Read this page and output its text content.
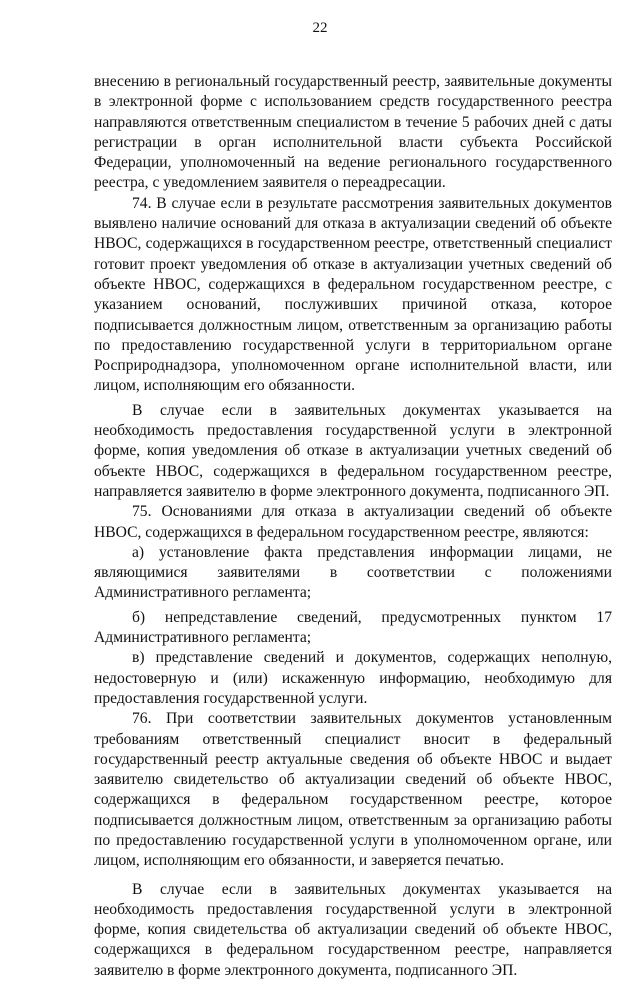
22

внесению в региональный государственный реестр, заявительные документы в электронной форме с использованием средств государственного реестра направляются ответственным специалистом в течение 5 рабочих дней с даты регистрации в орган исполнительной власти субъекта Российской Федерации, уполномоченный на ведение регионального государственного реестра, с уведомлением заявителя о переадресации.

74. В случае если в результате рассмотрения заявительных документов выявлено наличие оснований для отказа в актуализации сведений об объекте НВОС, содержащихся в государственном реестре, ответственный специалист готовит проект уведомления об отказе в актуализации учетных сведений об объекте НВОС, содержащихся в федеральном государственном реестре, с указанием оснований, послуживших причиной отказа, которое подписывается должностным лицом, ответственным за организацию работы по предоставлению государственной услуги в территориальном органе Росприроднадзора, уполномоченном органе исполнительной власти, или лицом, исполняющим его обязанности.

В случае если в заявительных документах указывается на необходимость предоставления государственной услуги в электронной форме, копия уведомления об отказе в актуализации учетных сведений об объекте НВОС, содержащихся в федеральном государственном реестре, направляется заявителю в форме электронного документа, подписанного ЭП.

75. Основаниями для отказа в актуализации сведений об объекте НВОС, содержащихся в федеральном государственном реестре, являются:

а) установление факта представления информации лицами, не являющимися заявителями в соответствии с положениями Административного регламента;

б) непредставление сведений, предусмотренных пунктом 17 Административного регламента;

в) представление сведений и документов, содержащих неполную, недостоверную и (или) искаженную информацию, необходимую для предоставления государственной услуги.

76. При соответствии заявительных документов установленным требованиям ответственный специалист вносит в федеральный государственный реестр актуальные сведения об объекте НВОС и выдает заявителю свидетельство об актуализации сведений об объекте НВОС, содержащихся в федеральном государственном реестре, которое подписывается должностным лицом, ответственным за организацию работы по предоставлению государственной услуги в уполномоченном органе, или лицом, исполняющим его обязанности, и заверяется печатью.

В случае если в заявительных документах указывается на необходимость предоставления государственной услуги в электронной форме, копия свидетельства об актуализации сведений об объекте НВОС, содержащихся в федеральном государственном реестре, направляется заявителю в форме электронного документа, подписанного ЭП.
